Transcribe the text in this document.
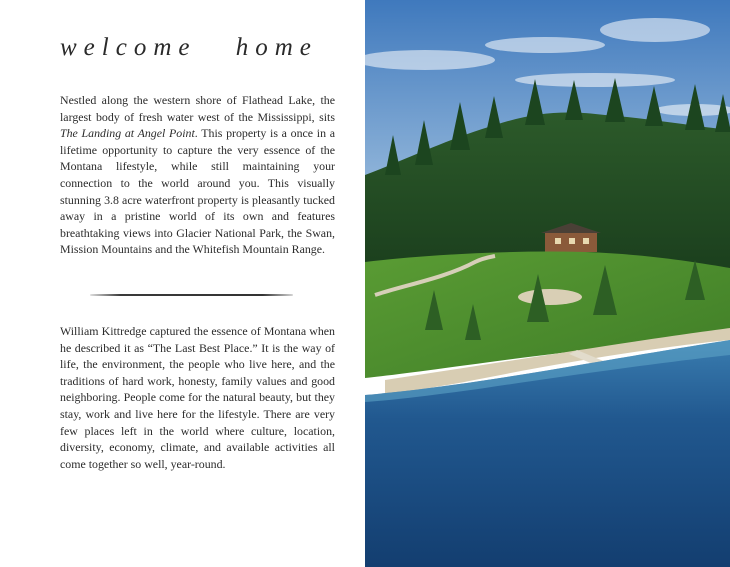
welcome home

Nestled along the western shore of Flathead Lake, the largest body of fresh water west of the Mississippi, sits The Landing at Angel Point. This property is a once in a lifetime opportunity to capture the very essence of the Montana lifestyle, while still maintaining your connection to the world around you. This visually stunning 3.8 acre waterfront property is pleasantly tucked away in a pristine world of its own and features breathtaking views into Glacier National Park, the Swan, Mission Mountains and the Whitefish Mountain Range.

William Kittredge captured the essence of Montana when he described it as “The Last Best Place.” It is the way of life, the environment, the people who live here, and the traditions of hard work, honesty, family values and good neighboring. People come for the natural beauty, but they stay, work and live here for the lifestyle. There are very few places left in the world where culture, location, diversity, economy, climate, and available activities all come together so well, year-round.
